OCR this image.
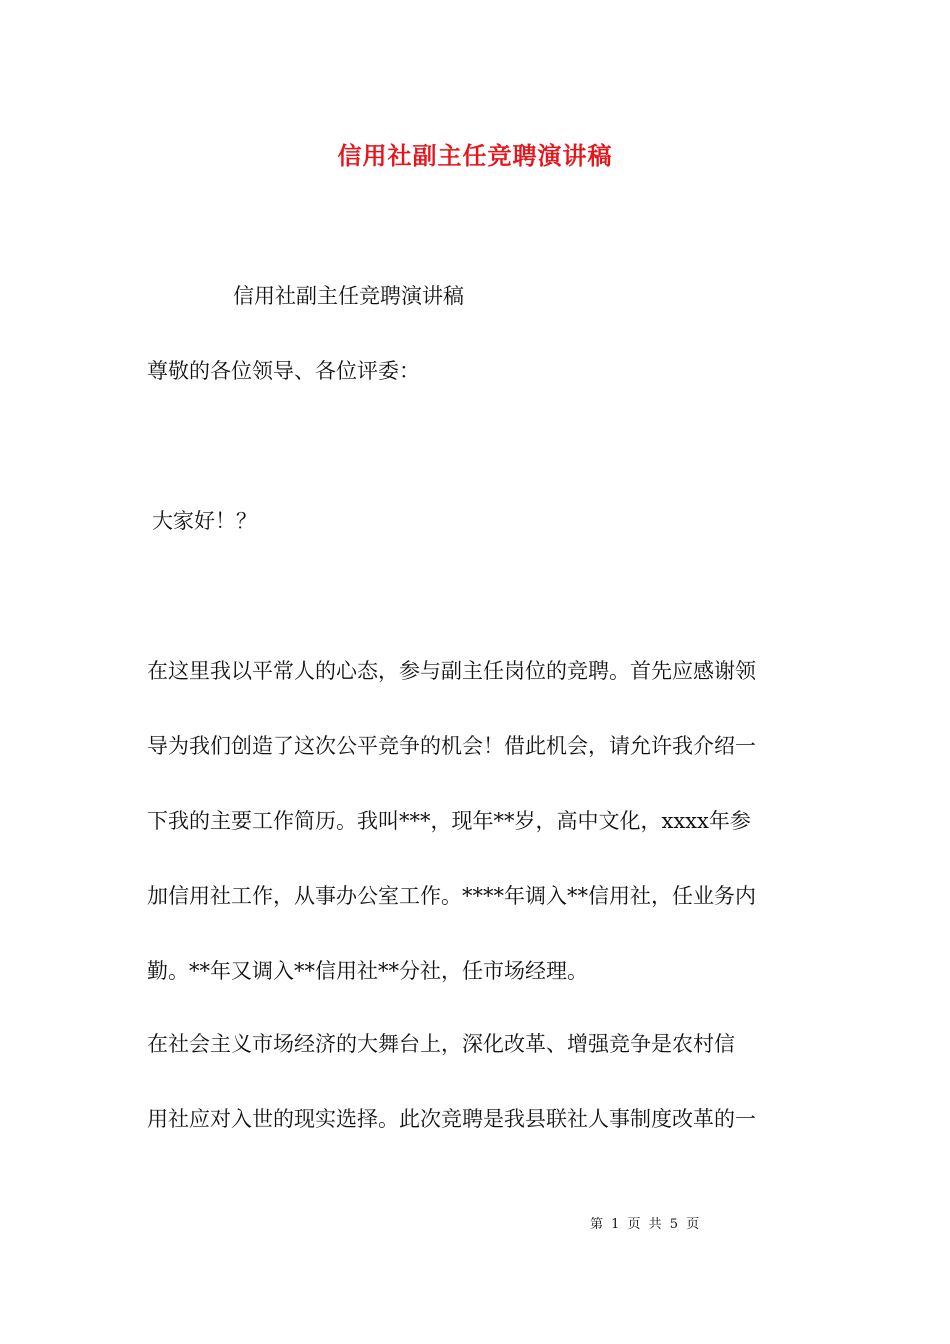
信用社副主任竞聘演讲稿
信用社副主任竞聘演讲稿
尊敬的各位领导、各位评委：
大家好！？
在这里我以平常人的心态，参与副主任岗位的竞聘。首先应感谢领
导为我们创造了这次公平竞争的机会！借此机会，请允许我介绍一
下我的主要工作简历。我叫***，现年**岁，高中文化，xxxx年参
加信用社工作，从事办公室工作。****年调入**信用社，任业务内
勤。**年又调入**信用社**分社，任市场经理。
在社会主义市场经济的大舞台上，深化改革、增强竞争是农村信
用社应对入世的现实选择。此次竞聘是我县联社人事制度改革的一
第 1 页 共 5 页
